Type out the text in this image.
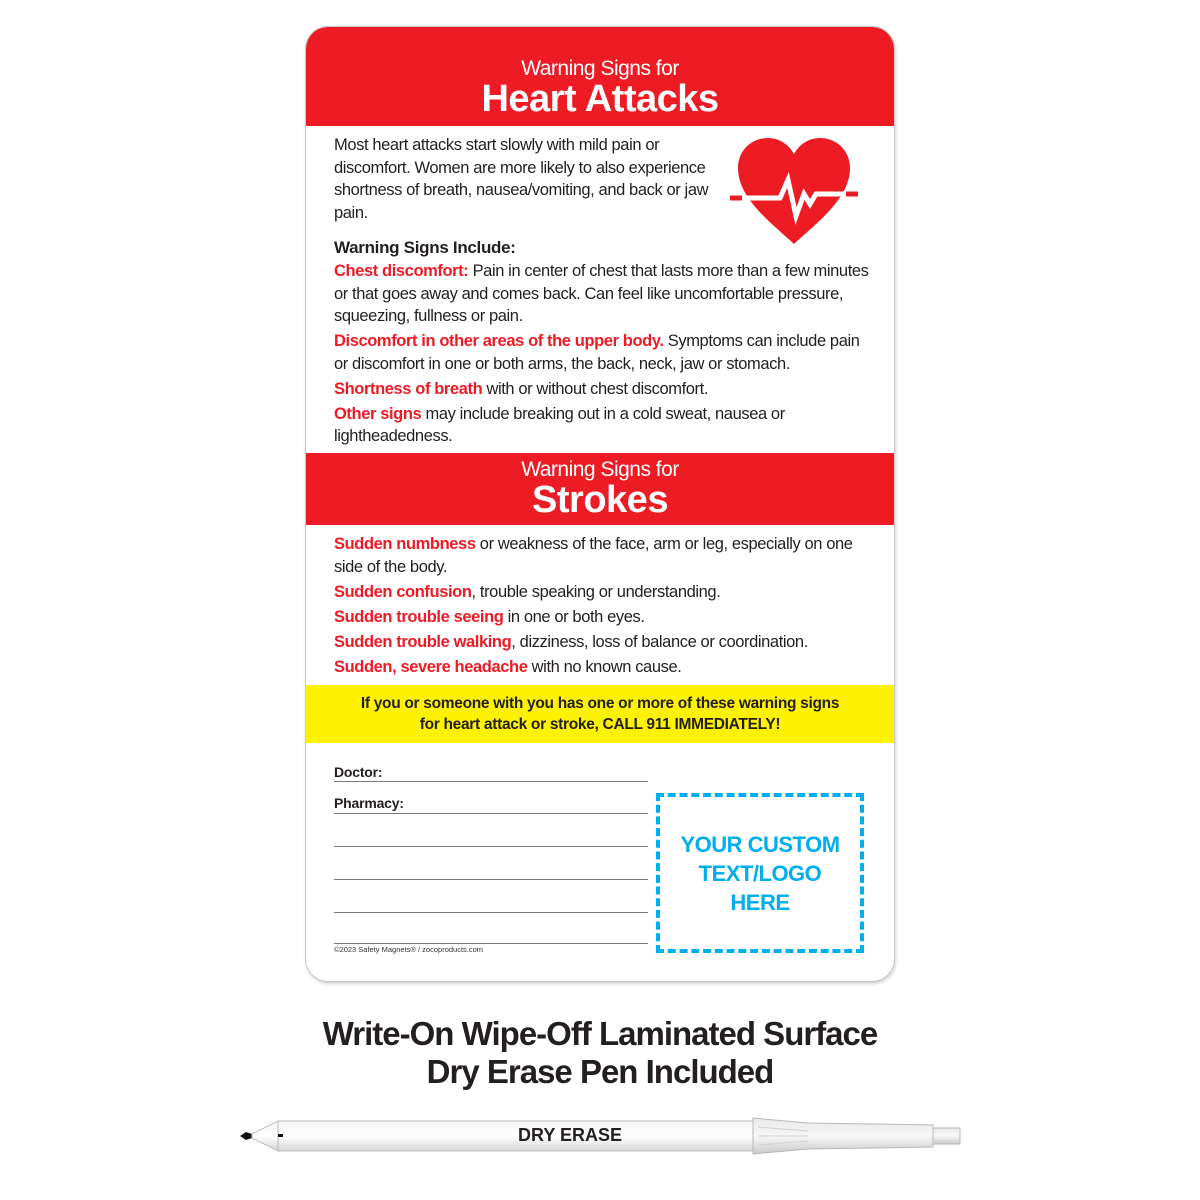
Warning Signs for
Heart Attacks
Most heart attacks start slowly with mild pain or discomfort. Women are more likely to also experience shortness of breath, nausea/vomiting, and back or jaw pain.
Warning Signs Include:

Chest discomfort: Pain in center of chest that lasts more than a few minutes or that goes away and comes back. Can feel like uncomfortable pressure, squeezing, fullness or pain.

Discomfort in other areas of the upper body. Symptoms can include pain or discomfort in one or both arms, the back, neck, jaw or stomach.

Shortness of breath with or without chest discomfort.

Other signs may include breaking out in a cold sweat, nausea or lightheadedness.

Warning Signs for
Strokes

Sudden numbness or weakness of the face, arm or leg, especially on one side of the body.

Sudden confusion, trouble speaking or understanding.

Sudden trouble seeing in one or both eyes.

Sudden trouble walking, dizziness, loss of balance or coordination.

Sudden, severe headache with no known cause.

If you or someone with you has one or more of these warning signs
for heart attack or stroke, CALL 911 IMMEDIATELY!
Doctor:
Pharmacy:
©2023 Safety Magnets® / zocoproducts.com
YOUR CUSTOM
TEXT/LOGO
HERE
Write-On Wipe-Off Laminated Surface
Dry Erase Pen Included
DRY ERASE
